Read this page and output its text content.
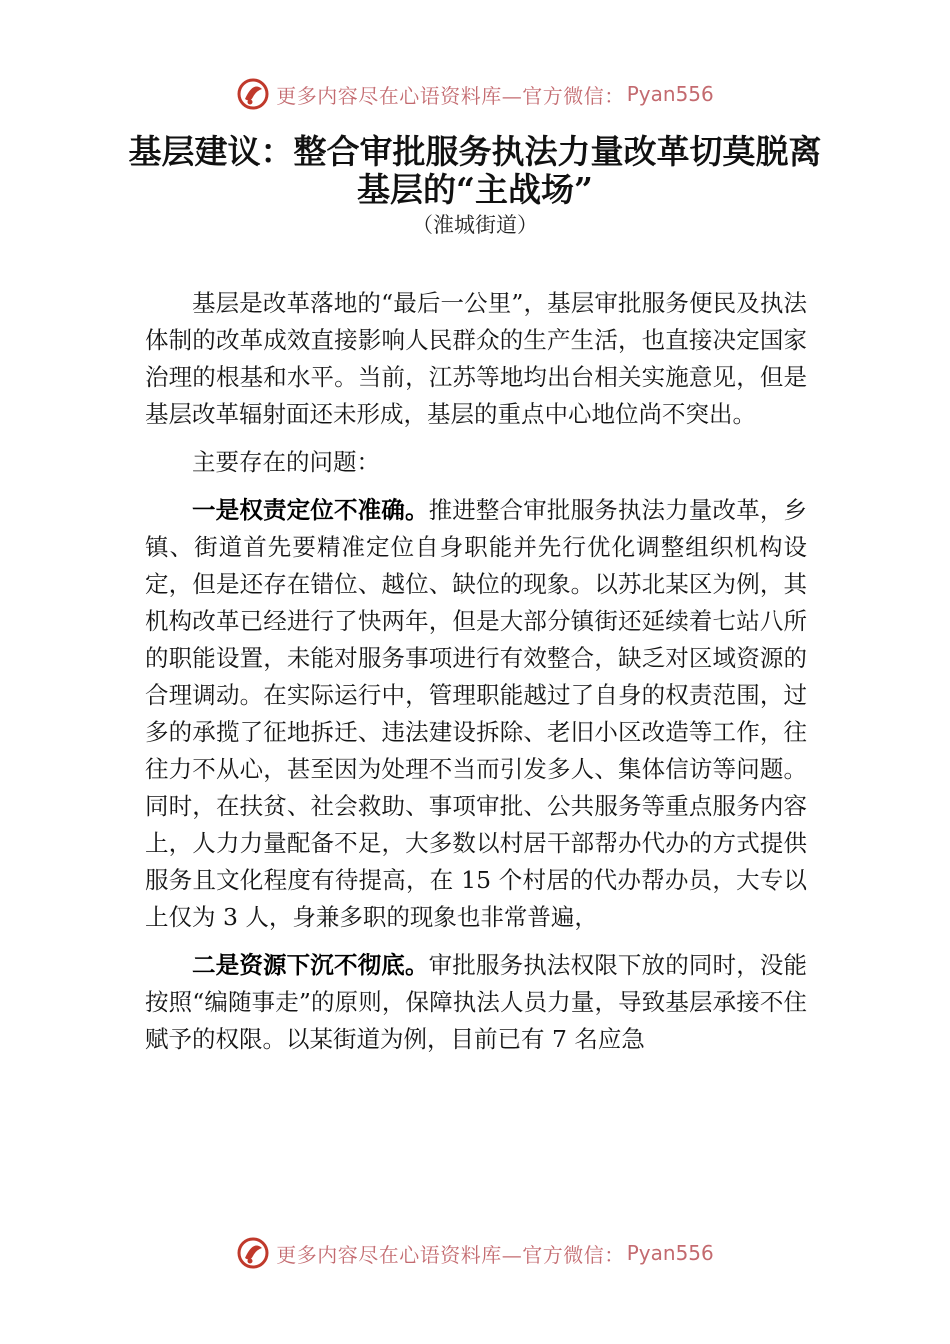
更多内容尽在心语资料库—官方微信： Pyan556
基层建议：整合审批服务执法力量改革切莫脱离基层的“主战场”
（淮城街道）

基层是改革落地的“最后一公里”，基层审批服务便民及执法体制的改革成效直接影响人民群众的生产生活，也直接决定国家治理的根基和水平。当前，江苏等地均出台相关实施意见，但是基层改革辐射面还未形成，基层的重点中心地位尚不突出。

主要存在的问题：

一是权责定位不准确。推进整合审批服务执法力量改革，乡镇、街道首先要精准定位自身职能并先行优化调整组织机构设定，但是还存在错位、越位、缺位的现象。以苏北某区为例，其机构改革已经进行了快两年，但是大部分镇街还延续着七站八所的职能设置，未能对服务事项进行有效整合，缺乏对区域资源的合理调动。在实际运行中，管理职能越过了自身的权责范围，过多的承揽了征地拆迁、违法建设拆除、老旧小区改造等工作，往往力不从心，甚至因为处理不当而引发多人、集体信访等问题。同时，在扶贫、社会救助、事项审批、公共服务等重点服务内容上，人力力量配备不足，大多数以村居干部帮办代办的方式提供服务且文化程度有待提高，在 15 个村居的代办帮办员，大专以上仅为 3 人，身兼多职的现象也非常普遍，

二是资源下沉不彻底。审批服务执法权限下放的同时，没能按照“编随事走”的原则，保障执法人员力量，导致基层承接不住赋予的权限。以某街道为例，目前已有 7 名应急

更多内容尽在心语资料库—官方微信： Pyan556
